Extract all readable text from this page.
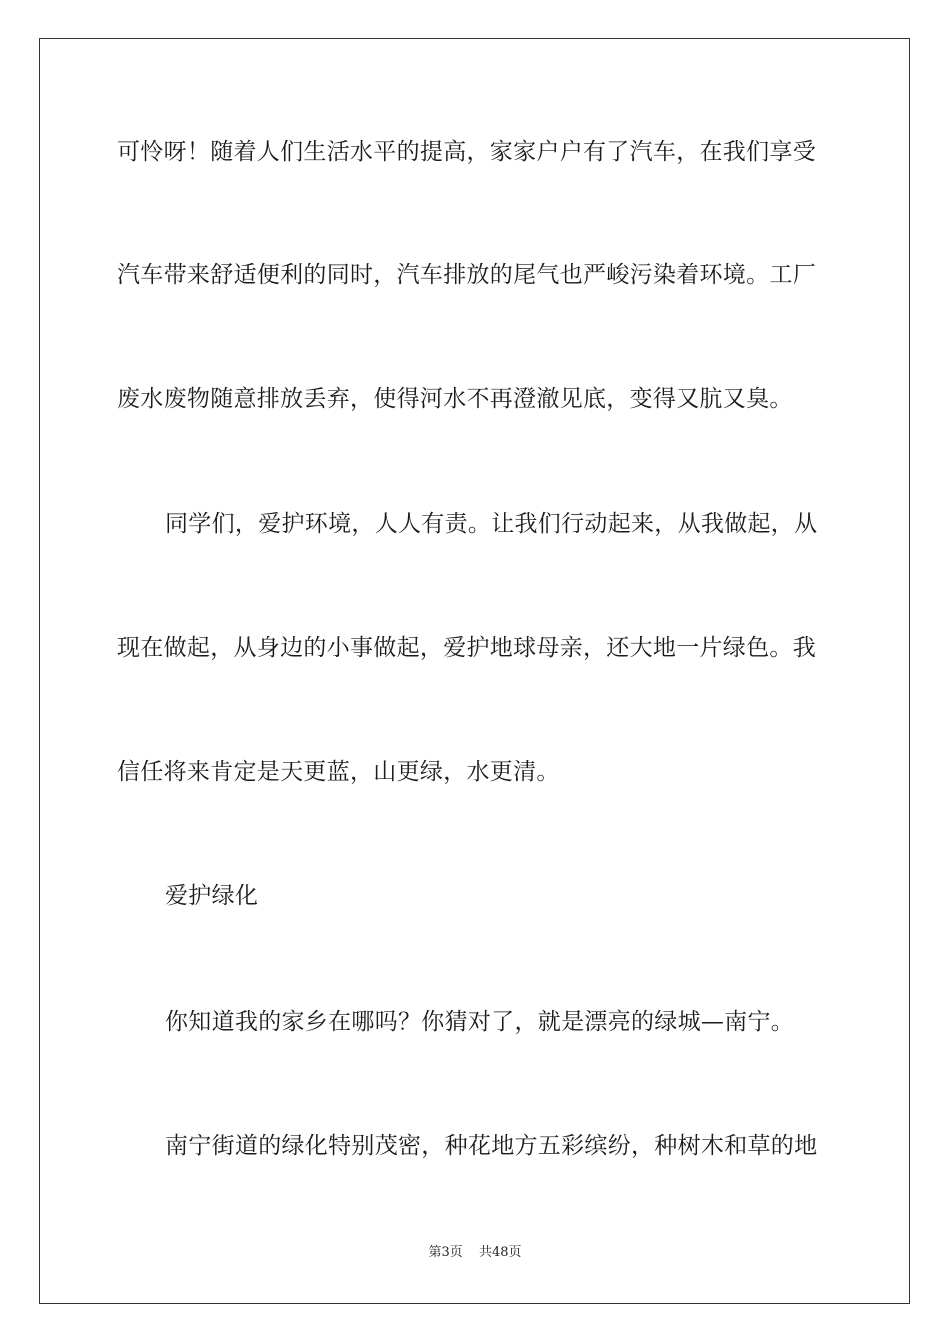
可怜呀！随着人们生活水平的提高，家家户户有了汽车，在我们享受
汽车带来舒适便利的同时，汽车排放的尾气也严峻污染着环境。工厂
废水废物随意排放丢弃，使得河水不再澄澈见底，变得又肮又臭。
同学们，爱护环境，人人有责。让我们行动起来，从我做起，从
现在做起，从身边的小事做起，爱护地球母亲，还大地一片绿色。我
信任将来肯定是天更蓝，山更绿，水更清。
爱护绿化
你知道我的家乡在哪吗？你猜对了，就是漂亮的绿城—南宁。
南宁街道的绿化特别茂密，种花地方五彩缤纷，种树木和草的地
第3页 共48页
